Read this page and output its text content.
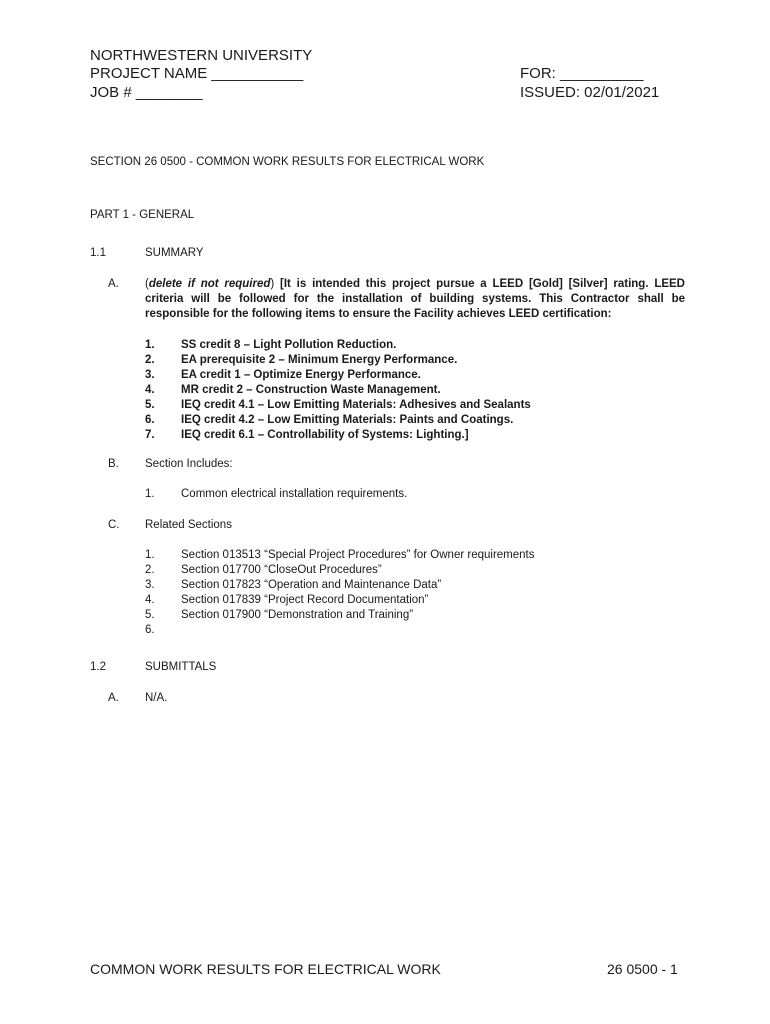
NORTHWESTERN UNIVERSITY
PROJECT NAME ___________
JOB # ________
FOR: __________
ISSUED: 02/01/2021
SECTION 26 0500 - COMMON WORK RESULTS FOR ELECTRICAL WORK
PART 1 - GENERAL
1.1	SUMMARY
A. (delete if not required) [It is intended this project pursue a LEED [Gold] [Silver] rating. LEED criteria will be followed for the installation of building systems. This Contractor shall be responsible for the following items to ensure the Facility achieves LEED certification:
1.	SS credit 8 – Light Pollution Reduction.
2.	EA prerequisite 2 – Minimum Energy Performance.
3.	EA credit 1 – Optimize Energy Performance.
4.	MR credit 2 – Construction Waste Management.
5.	IEQ credit 4.1 – Low Emitting Materials: Adhesives and Sealants
6.	IEQ credit 4.2 – Low Emitting Materials: Paints and Coatings.
7.	IEQ credit 6.1 – Controllability of Systems: Lighting.]
B. Section Includes:
1.	Common electrical installation requirements.
C. Related Sections
1.	Section 013513 “Special Project Procedures” for Owner requirements
2.	Section 017700 “CloseOut Procedures”
3.	Section 017823 “Operation and Maintenance Data”
4.	Section 017839 “Project Record Documentation”
5.	Section 017900 “Demonstration and Training”
6.
1.2	SUBMITTALS
A. N/A.
COMMON WORK RESULTS FOR ELECTRICAL WORK	26 0500 - 1
